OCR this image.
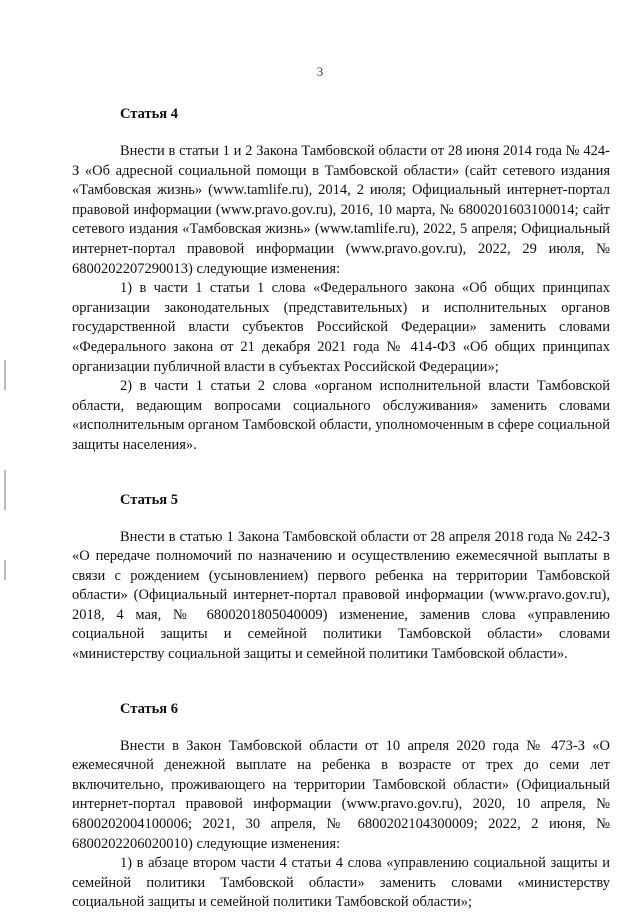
3
Статья 4

Внести в статьи 1 и 2 Закона Тамбовской области от 28 июня 2014 года № 424-З «Об адресной социальной помощи в Тамбовской области» (сайт сетевого издания «Тамбовская жизнь» (www.tamlife.ru), 2014, 2 июля; Официальный интернет-портал правовой информации (www.pravo.gov.ru), 2016, 10 марта, № 6800201603100014; сайт сетевого издания «Тамбовская жизнь» (www.tamlife.ru), 2022, 5 апреля; Официальный интернет-портал правовой информации (www.pravo.gov.ru), 2022, 29 июля, № 6800202207290013) следующие изменения:

1) в части 1 статьи 1 слова «Федерального закона «Об общих принципах организации законодательных (представительных) и исполнительных органов государственной власти субъектов Российской Федерации» заменить словами «Федерального закона от 21 декабря 2021 года № 414-ФЗ «Об общих принципах организации публичной власти в субъектах Российской Федерации»;

2) в части 1 статьи 2 слова «органом исполнительной власти Тамбовской области, ведающим вопросами социального обслуживания» заменить словами «исполнительным органом Тамбовской области, уполномоченным в сфере социальной защиты населения».

Статья 5

Внести в статью 1 Закона Тамбовской области от 28 апреля 2018 года № 242-З «О передаче полномочий по назначению и осуществлению ежемесячной выплаты в связи с рождением (усыновлением) первого ребенка на территории Тамбовской области» (Официальный интернет-портал правовой информации (www.pravo.gov.ru), 2018, 4 мая, № 6800201805040009) изменение, заменив слова «управлению социальной защиты и семейной политики Тамбовской области» словами «министерству социальной защиты и семейной политики Тамбовской области».

Статья 6

Внести в Закон Тамбовской области от 10 апреля 2020 года № 473-З «О ежемесячной денежной выплате на ребенка в возрасте от трех до семи лет включительно, проживающего на территории Тамбовской области» (Официальный интернет-портал правовой информации (www.pravo.gov.ru), 2020, 10 апреля, № 6800202004100006; 2021, 30 апреля, № 6800202104300009; 2022, 2 июня, № 6800202206020010) следующие изменения:

1) в абзаце втором части 4 статьи 4 слова «управлению социальной защиты и семейной политики Тамбовской области» заменить словами «министерству социальной защиты и семейной политики Тамбовской области»;
